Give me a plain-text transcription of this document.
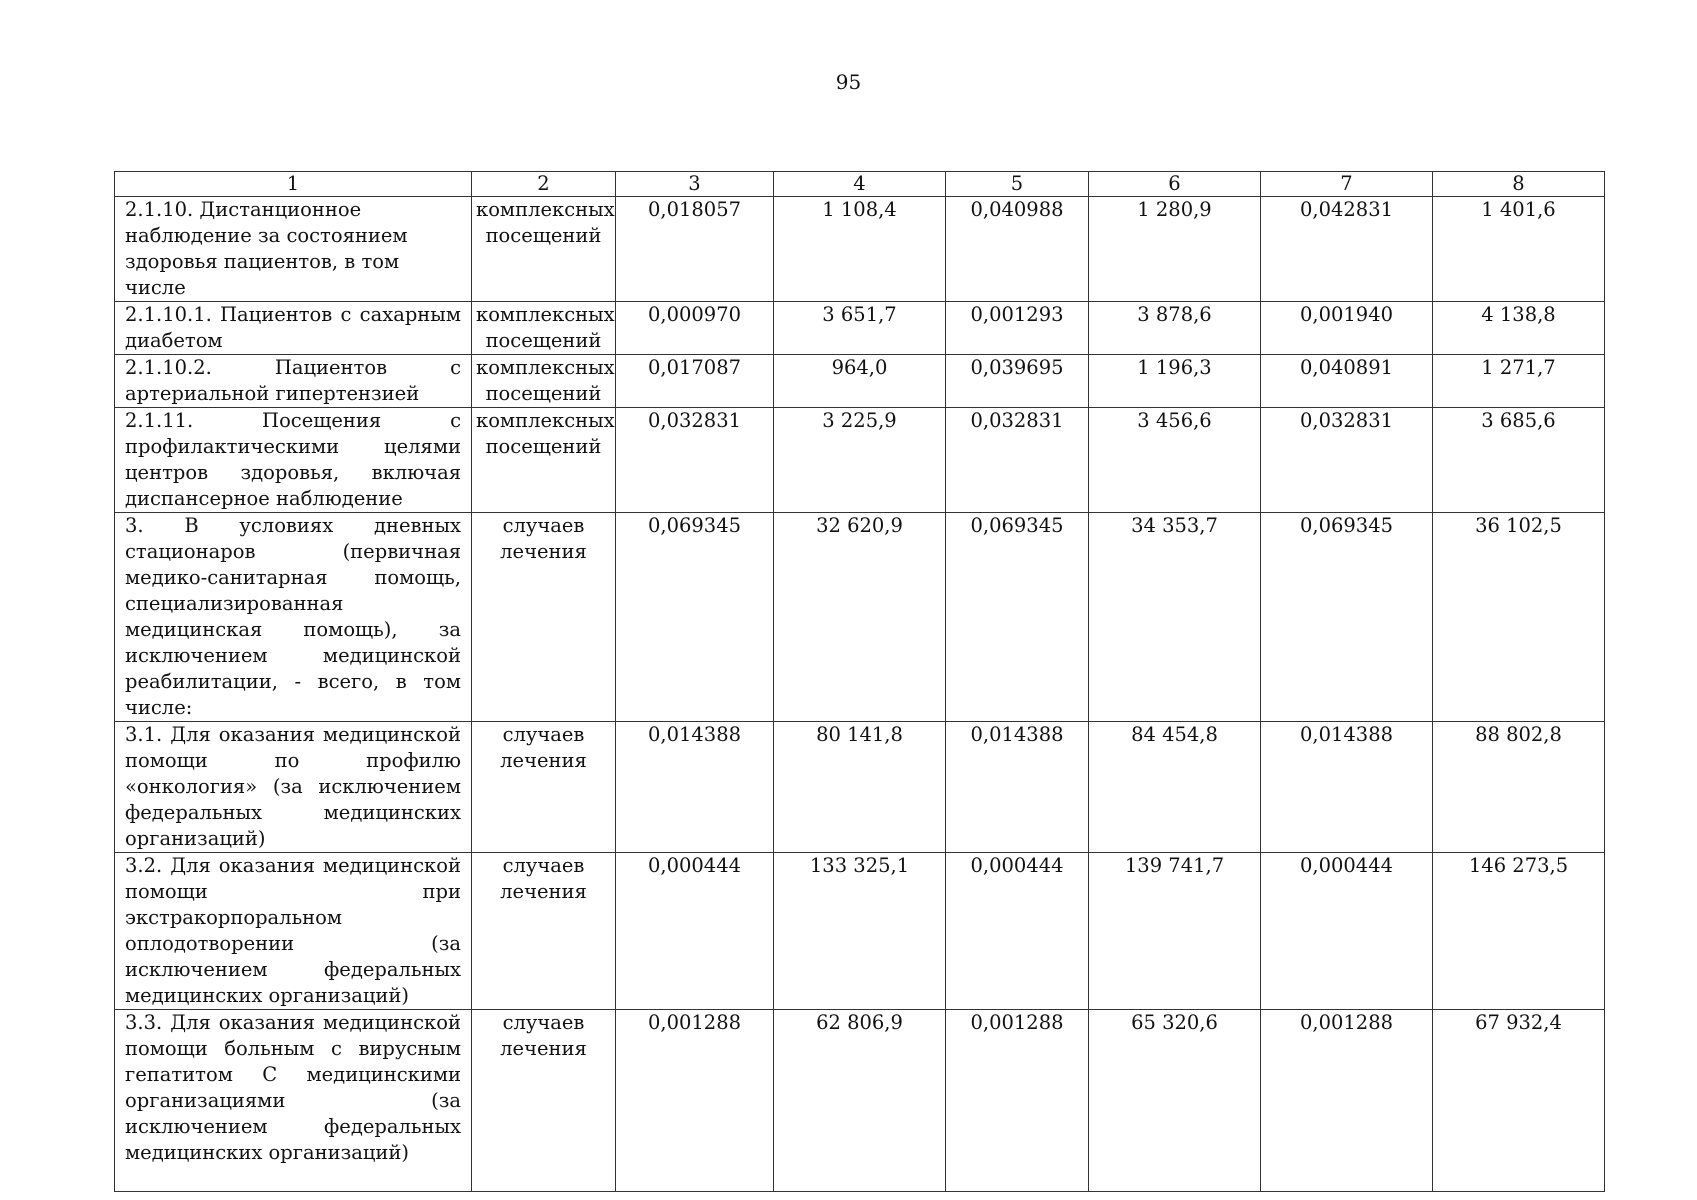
95
1	2	3	4	5	6	7	8
2.1.10. Дистанционное наблюдение за состоянием здоровья пациентов, в том числе	комплексных посещений	0,018057	1 108,4	0,040988	1 280,9	0,042831	1 401,6
2.1.10.1. Пациентов с сахарным диабетом	комплексных посещений	0,000970	3 651,7	0,001293	3 878,6	0,001940	4 138,8
2.1.10.2. Пациентов с артериальной гипертензией	комплексных посещений	0,017087	964,0	0,039695	1 196,3	0,040891	1 271,7
2.1.11. Посещения с профилактическими целями центров здоровья, включая диспансерное наблюдение	комплексных посещений	0,032831	3 225,9	0,032831	3 456,6	0,032831	3 685,6
3. В условиях дневных стационаров (первичная медико-санитарная помощь, специализированная медицинская помощь), за исключением медицинской реабилитации, - всего, в том числе:	случаев лечения	0,069345	32 620,9	0,069345	34 353,7	0,069345	36 102,5
3.1. Для оказания медицинской помощи по профилю «онкология» (за исключением федеральных медицинских организаций)	случаев лечения	0,014388	80 141,8	0,014388	84 454,8	0,014388	88 802,8
3.2. Для оказания медицинской помощи при экстракорпоральном оплодотворении (за исключением федеральных медицинских организаций)	случаев лечения	0,000444	133 325,1	0,000444	139 741,7	0,000444	146 273,5
3.3. Для оказания медицинской помощи больным с вирусным гепатитом С медицинскими организациями (за исключением федеральных медицинских организаций)	случаев лечения	0,001288	62 806,9	0,001288	65 320,6	0,001288	67 932,4
